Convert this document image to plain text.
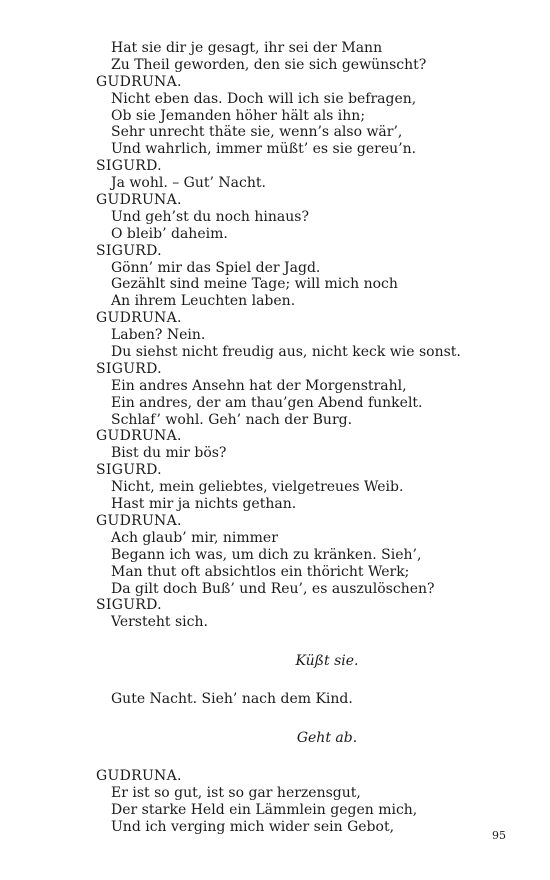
Hat sie dir je gesagt, ihr sei der Mann
Zu Theil geworden, den sie sich gewünscht?
GUDRUNA.
Nicht eben das. Doch will ich sie befragen,
Ob sie Jemanden höher hält als ihn;
Sehr unrecht thäte sie, wenn’s also wär’,
Und wahrlich, immer müßt’ es sie gereu’n.
SIGURD.
Ja wohl. – Gut’ Nacht.
GUDRUNA.
Und geh’st du noch hinaus?
O bleib’ daheim.
SIGURD.
Gönn’ mir das Spiel der Jagd.
Gezählt sind meine Tage; will mich noch
An ihrem Leuchten laben.
GUDRUNA.
Laben? Nein.
Du siehst nicht freudig aus, nicht keck wie sonst.
SIGURD.
Ein andres Ansehn hat der Morgenstrahl,
Ein andres, der am thau’gen Abend funkelt.
Schlaf’ wohl. Geh’ nach der Burg.
GUDRUNA.
Bist du mir bös?
SIGURD.
Nicht, mein geliebtes, vielgetreues Weib.
Hast mir ja nichts gethan.
GUDRUNA.
Ach glaub’ mir, nimmer
Begann ich was, um dich zu kränken. Sieh’,
Man thut oft absichtlos ein thöricht Werk;
Da gilt doch Buß’ und Reu’, es auszulöschen?
SIGURD.
Versteht sich.
Küßt sie.
Gute Nacht. Sieh’ nach dem Kind.
Geht ab.
GUDRUNA.
Er ist so gut, ist so gar herzensgut,
Der starke Held ein Lämmlein gegen mich,
Und ich verging mich wider sein Gebot,
95
